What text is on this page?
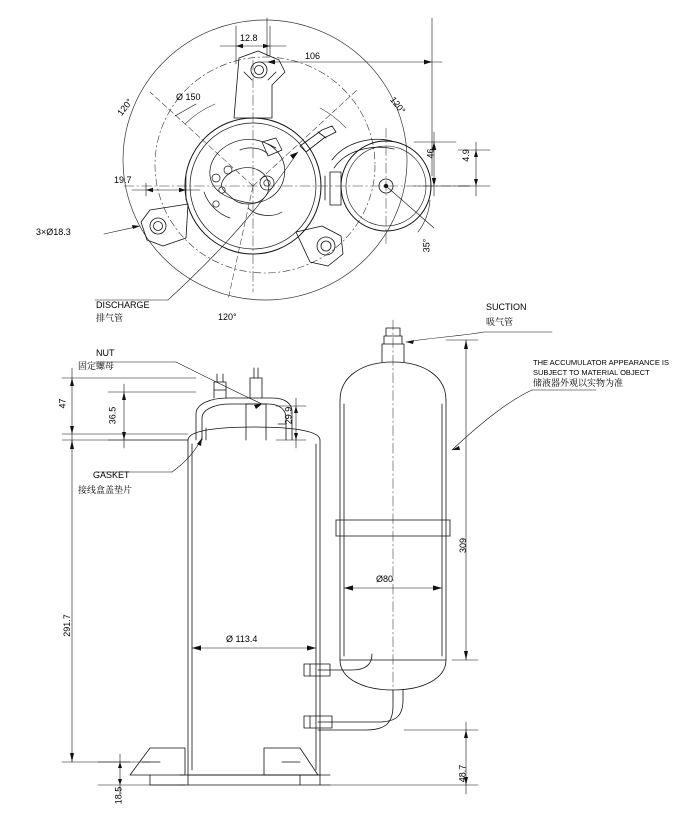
12.8
106
Ø 150
19.7
3×Ø18.3
120°	120°
120°
35°
46	4.9
DISCHARGE
排气管
NUT
固定螺母
GASKET
接线盒盖垫片
SUCTION
吸气管
THE ACCUMULATOR APPEARANCE IS
SUBJECT TO MATERIAL OBJECT
储液器外观以实物为准
47
36.5	29.9
291.7
Ø 113.4
Ø80
309
48.7
18.5
